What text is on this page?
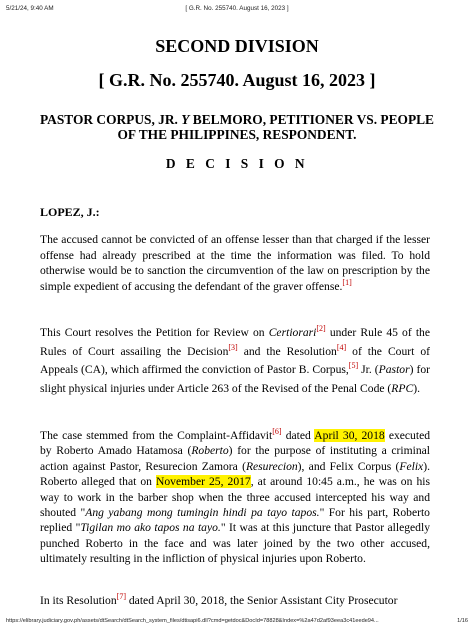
5/21/24, 9:40 AM	[ G.R. No. 255740. August 16, 2023 ]
SECOND DIVISION
[ G.R. No. 255740. August 16, 2023 ]
PASTOR CORPUS, JR. Y BELMORO, PETITIONER VS. PEOPLE OF THE PHILIPPINES, RESPONDENT.
D E C I S I O N
LOPEZ, J.:
The accused cannot be convicted of an offense lesser than that charged if the lesser offense had already prescribed at the time the information was filed. To hold otherwise would be to sanction the circumvention of the law on prescription by the simple expedient of accusing the defendant of the graver offense.[1]
This Court resolves the Petition for Review on Certiorari[2] under Rule 45 of the Rules of Court assailing the Decision[3] and the Resolution[4] of the Court of Appeals (CA), which affirmed the conviction of Pastor B. Corpus,[5] Jr. (Pastor) for slight physical injuries under Article 263 of the Revised of the Penal Code (RPC).
The case stemmed from the Complaint-Affidavit[6] dated April 30, 2018 executed by Roberto Amado Hatamosa (Roberto) for the purpose of instituting a criminal action against Pastor, Resurecion Zamora (Resurecion), and Felix Corpus (Felix). Roberto alleged that on November 25, 2017, at around 10:45 a.m., he was on his way to work in the barber shop when the three accused intercepted his way and shouted "Ang yabang mong tumingin hindi pa tayo tapos." For his part, Roberto replied "Tigilan mo ako tapos na tayo." It was at this juncture that Pastor allegedly punched Roberto in the face and was later joined by the two other accused, ultimately resulting in the infliction of physical injuries upon Roberto.
In its Resolution[7] dated April 30, 2018, the Senior Assistant City Prosecutor
https://elibrary.judiciary.gov.ph/assets/dtSearch/dtSearch_system_files/dtisapi6.dll?cmd=getdoc&DocId=78828&Index=%2a47d2af93eea3c41eede94...	1/16
